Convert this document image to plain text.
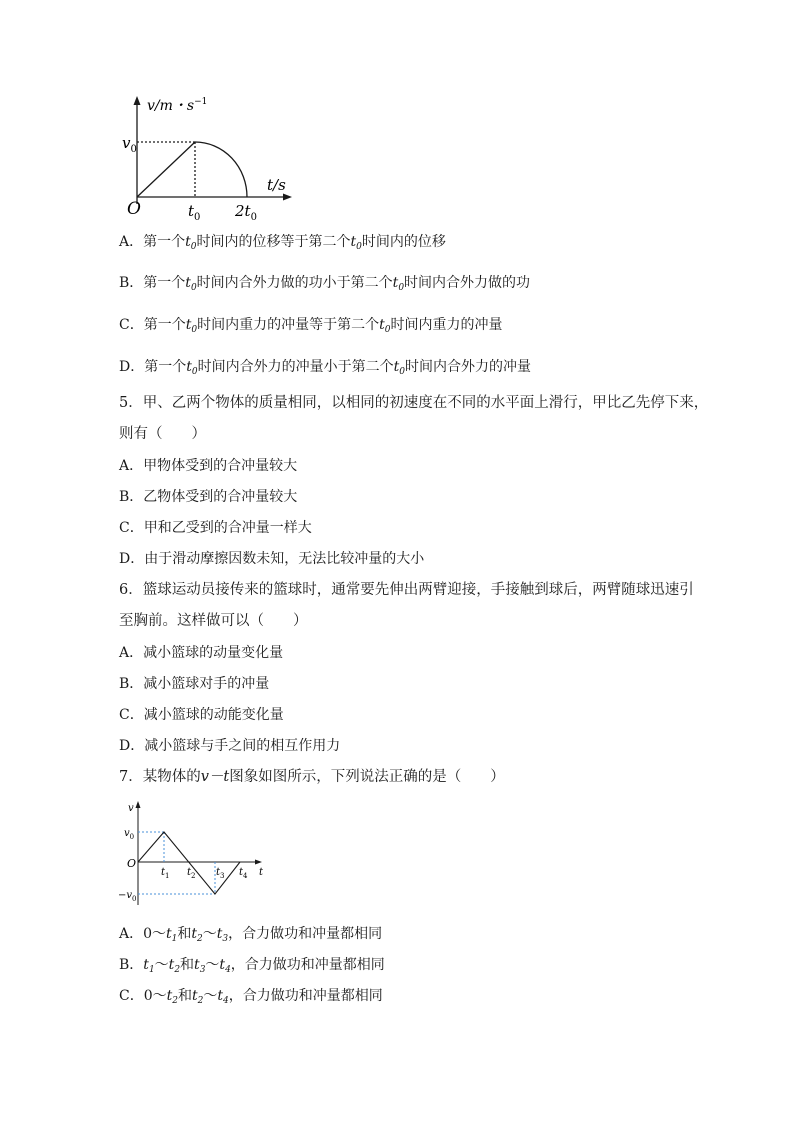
v/m・$s^{-1}$
$v_0$
t/s
O	$t_0$ $2t_0$
A．第一个$t_0$时间内的位移等于第二个$t_0$时间内的位移
B．第一个$t_0$时间内合外力做的功小于第二个$t_0$时间内合外力做的功
C．第一个$t_0$时间内重力的冲量等于第二个$t_0$时间内重力的冲量
D．第一个$t_0$时间内合外力的冲量小于第二个$t_0$时间内合外力的冲量
5．甲、乙两个物体的质量相同，以相同的初速度在不同的水平面上滑行，甲比乙先停下来，
则有（　　）
A．甲物体受到的合冲量较大
B．乙物体受到的合冲量较大
C．甲和乙受到的合冲量一样大
D．由于滑动摩擦因数未知，无法比较冲量的大小
6．篮球运动员接传来的篮球时，通常要先伸出两臂迎接，手接触到球后，两臂随球迅速引
至胸前。这样做可以（　　）
A．减小篮球的动量变化量
B．减小篮球对手的冲量
C．减小篮球的动能变化量
D．减小篮球与手之间的相互作用力
7．某物体的v－t图象如图所示，下列说法正确的是（　　）
v
$v_0$
O
$-v_0$
t
$t_1$ $t_2$ $t_3$ $t_4$
A．$0\sim t_1$和$t_2\sim t_3$，合力做功和冲量都相同
B．$t_1\sim t_2$和$t_3\sim t_4$，合力做功和冲量都相同
C．$0\sim t_2$和$t_2\sim t_4$，合力做功和冲量都相同
